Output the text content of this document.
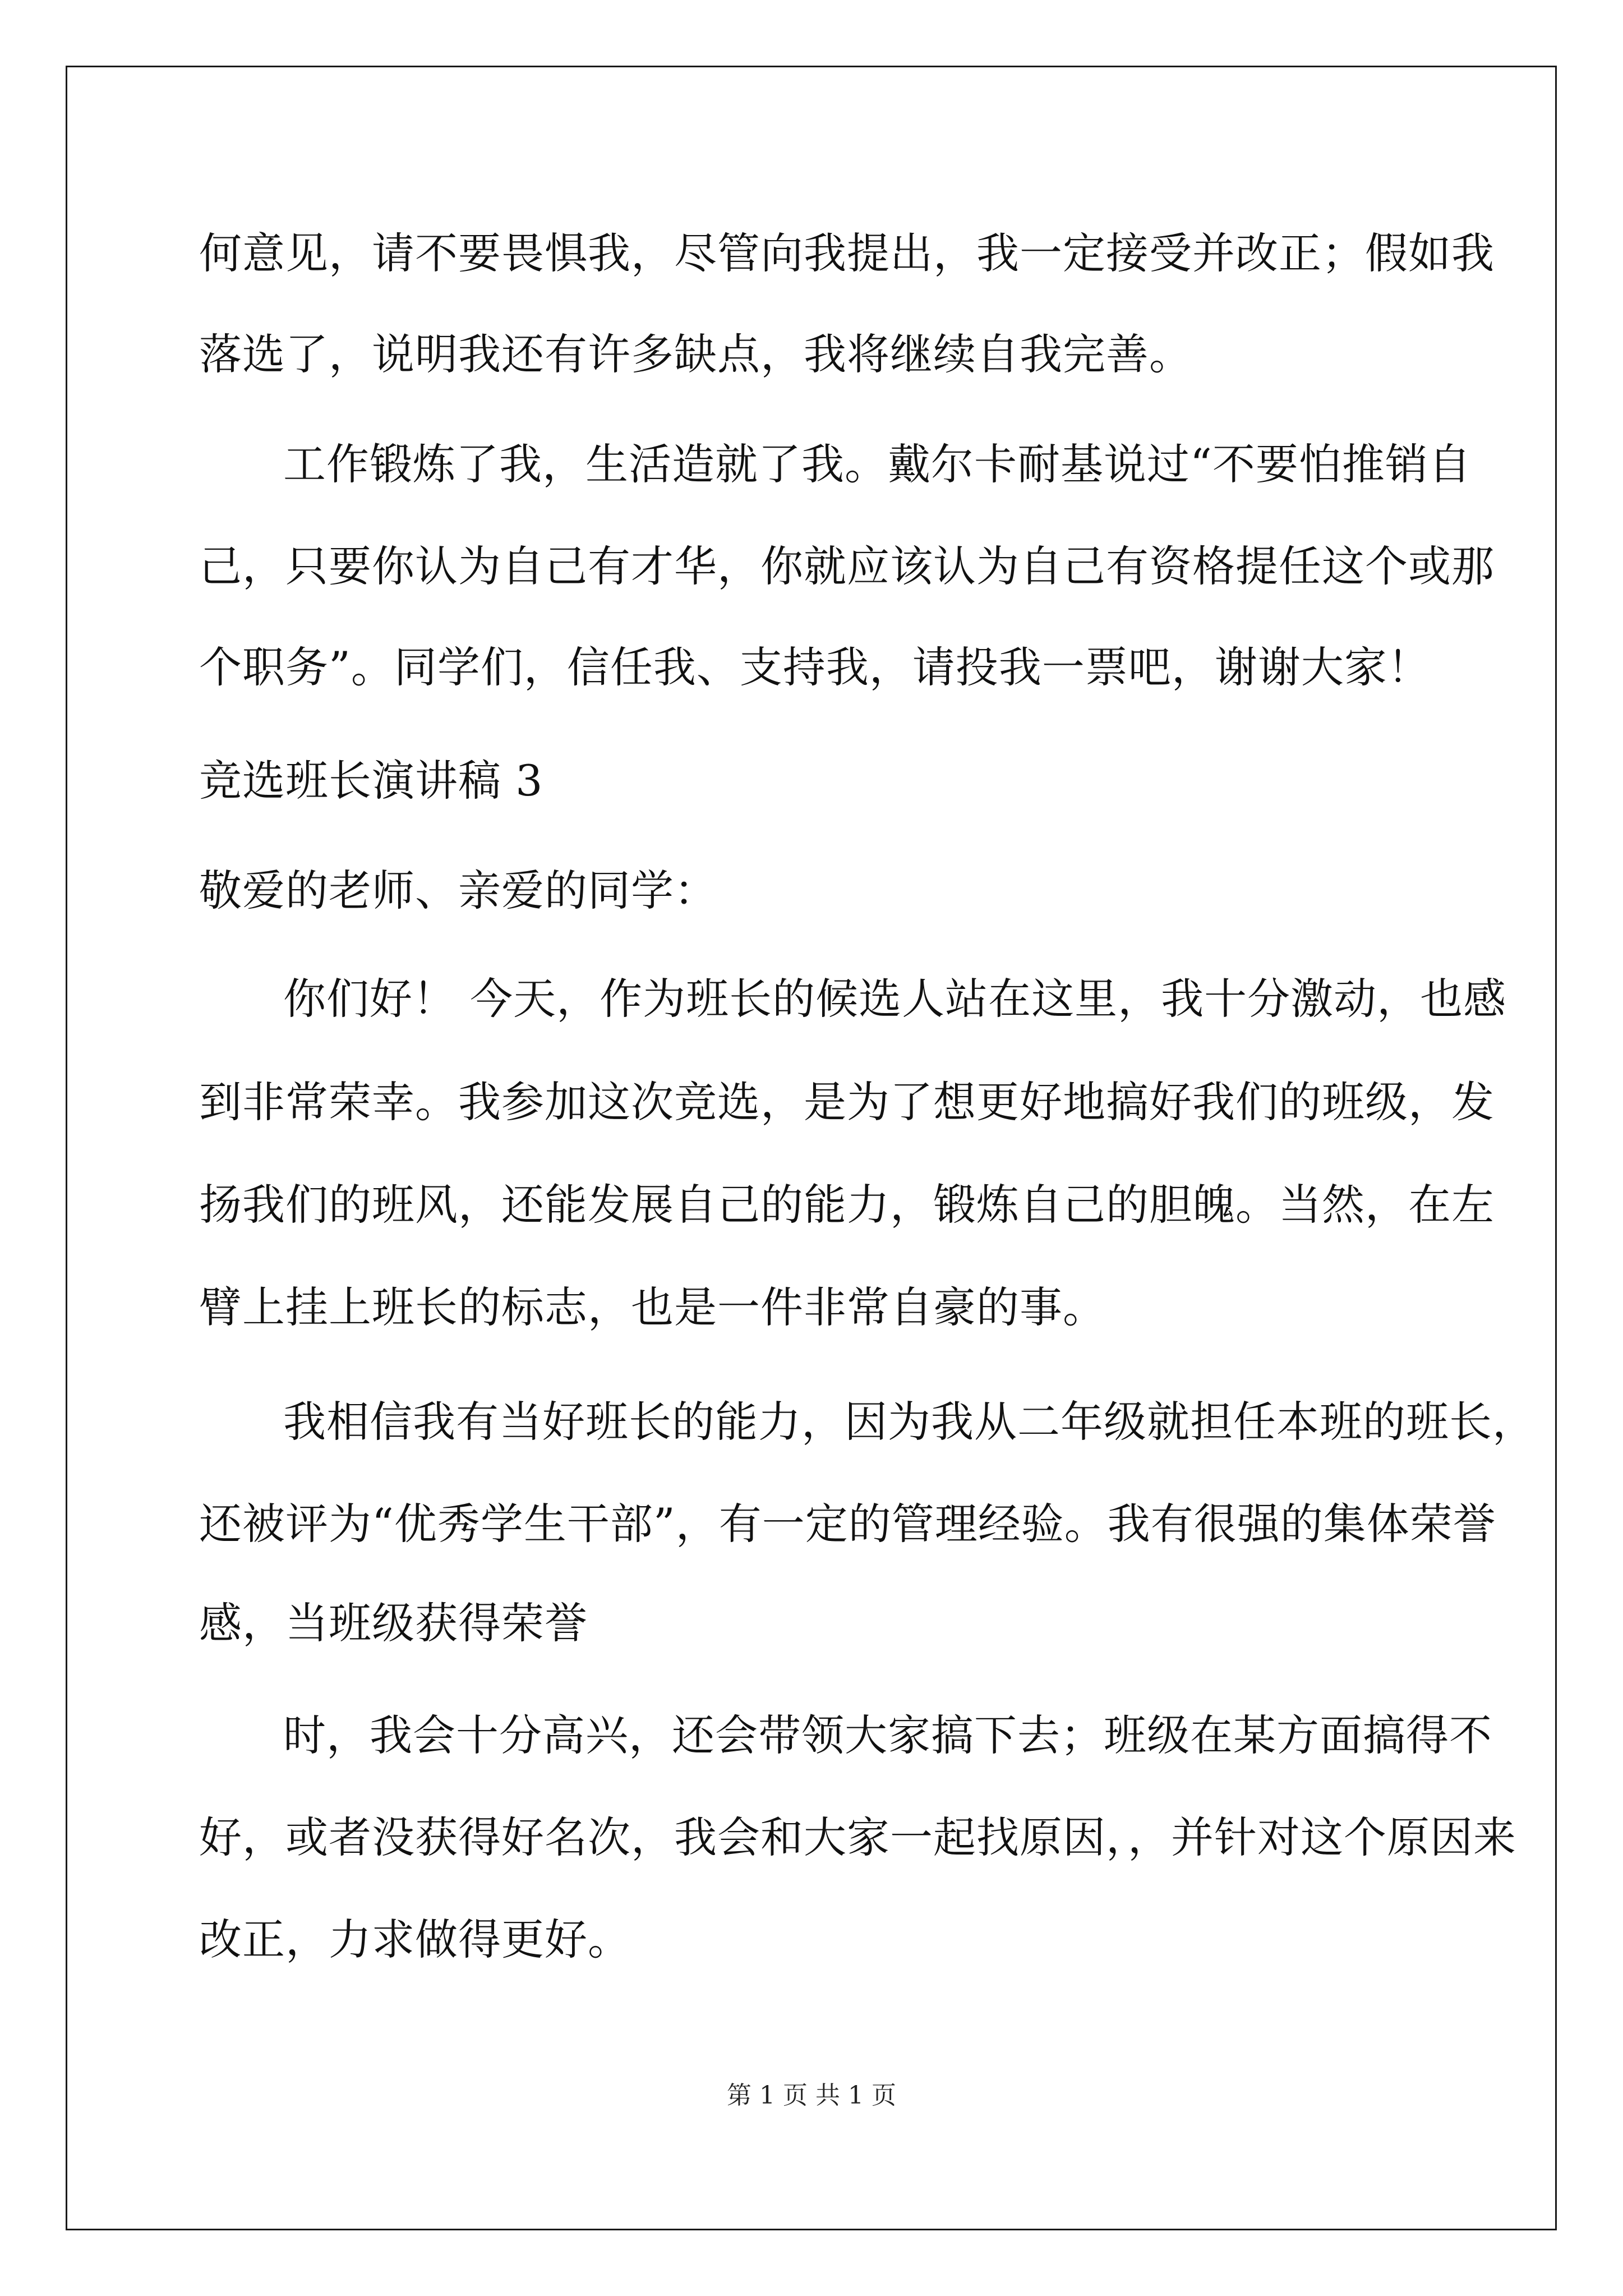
何意见，请不要畏惧我，尽管向我提出，我一定接受并改正；假如我
落选了，说明我还有许多缺点，我将继续自我完善。
工作锻炼了我，生活造就了我。戴尔卡耐基说过“不要怕推销自
己，只要你认为自己有才华，你就应该认为自己有资格提任这个或那
个职务”。同学们，信任我、支持我，请投我一票吧，谢谢大家！
竞选班长演讲稿 3
敬爱的老师、亲爱的同学：
你们好！ 今天，作为班长的候选人站在这里，我十分激动，也感
到非常荣幸。我参加这次竞选，是为了想更好地搞好我们的班级，发
扬我们的班风，还能发展自己的能力，锻炼自己的胆魄。当然，在左
臂上挂上班长的标志，也是一件非常自豪的事。
我相信我有当好班长的能力，因为我从二年级就担任本班的班长，
还被评为“优秀学生干部”，有一定的管理经验。我有很强的集体荣誉
感，当班级获得荣誉
时，我会十分高兴，还会带领大家搞下去；班级在某方面搞得不
好，或者没获得好名次，我会和大家一起找原因，，并针对这个原因来
改正，力求做得更好。
第 1 页 共 1 页
